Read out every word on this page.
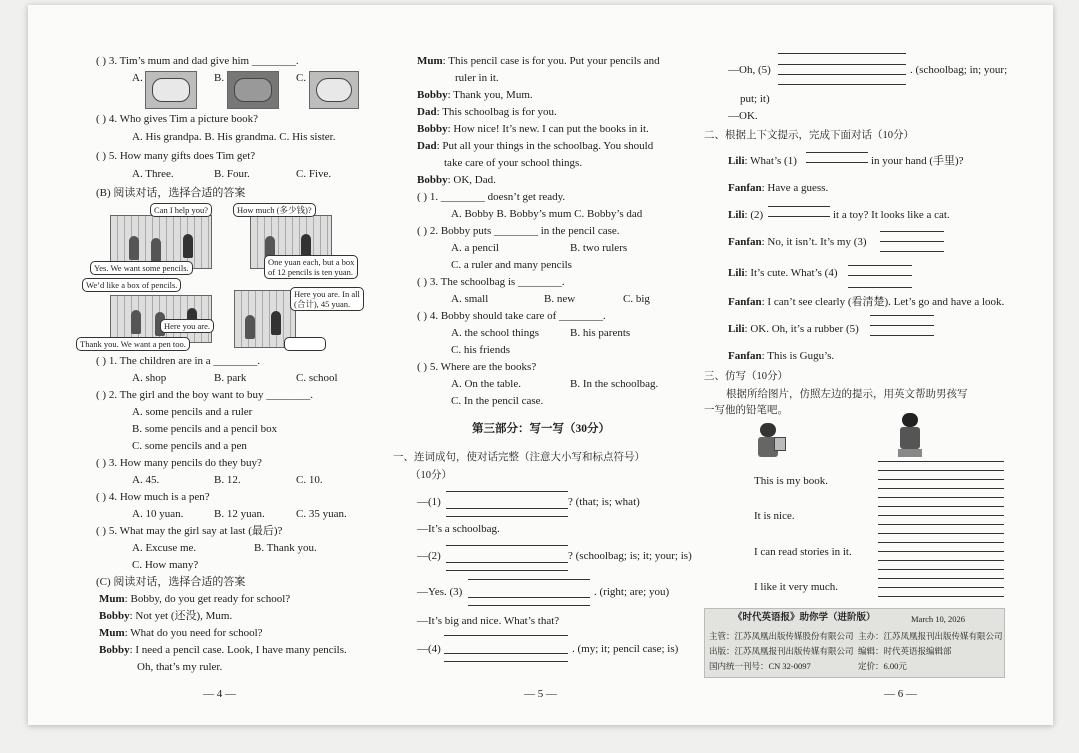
( ) 3. Tim’s mum and dad give him ________.
A.	B.	C.
( ) 4. Who gives Tim a picture book?
A. His grandpa. B. His grandma. C. His sister.
( ) 5. How many gifts does Tim get?
A. Three.	B. Four.	C. Five.
(B) 阅读对话，选择合适的答案
Can I help you?	How much (多少钱)?
Yes. We want some pencils.
One yuan each, but a box
of 12 pencils is ten yuan.
We’d like a box of pencils.
Here you are. In all
(合计), 45 yuan.
Here you are.
Thank you. We want a pen too.
( ) 1. The children are in a ________.
A. shop	B. park	C. school
( ) 2. The girl and the boy want to buy ________.
A. some pencils and a ruler
B. some pencils and a pencil box
C. some pencils and a pen
( ) 3. How many pencils do they buy?
A. 45.	B. 12.	C. 10.
( ) 4. How much is a pen?
A. 10 yuan.	B. 12 yuan.	C. 35 yuan.
( ) 5. What may the girl say at last (最后)?
A. Excuse me.	B. Thank you.
C. How many?
(C) 阅读对话，选择合适的答案
Mum: Bobby, do you get ready for school?
Bobby: Not yet (还没), Mum.
Mum: What do you need for school?
Bobby: I need a pencil case. Look, I have many pencils.
Oh, that’s my ruler.
— 4 —
Mum: This pencil case is for you. Put your pencils and
ruler in it.
Bobby: Thank you, Mum.
Dad: This schoolbag is for you.
Bobby: How nice! It’s new. I can put the books in it.
Dad: Put all your things in the schoolbag. You should
take care of your school things.
Bobby: OK, Dad.
( ) 1. ________ doesn’t get ready.
A. Bobby B. Bobby’s mum C. Bobby’s dad
( ) 2. Bobby puts ________ in the pencil case.
A. a pencil	B. two rulers
C. a ruler and many pencils
( ) 3. The schoolbag is ________.
A. small	B. new	C. big
( ) 4. Bobby should take care of ________.
A. the school things	B. his parents
C. his friends
( ) 5. Where are the books?
A. On the table.	B. In the schoolbag.
C. In the pencil case.
第三部分：写一写（30分）
一、连词成句，使对话完整（注意大小写和标点符号）
（10分）
—(1)	? (that; is; what)
—It’s a schoolbag.
—(2)	? (schoolbag; is; it; your; is)
—Yes. (3)	. (right; are; you)
—It’s big and nice. What’s that?
—(4)	. (my; it; pencil case; is)
— 5 —
—Oh, (5)	. (schoolbag; in; your;
put; it)
—OK.
二、根据上下文提示，完成下面对话（10分）
Lili: What’s (1)	in your hand (手里)?
Fanfan: Have a guess.
Lili: (2)	it a toy? It looks like a cat.
Fanfan: No, it isn’t. It’s my (3)
Lili: It’s cute. What’s (4)
Fanfan: I can’t see clearly (看清楚). Let’s go and have a look.
Lili: OK. Oh, it’s a rubber (5)
Fanfan: This is Gugu’s.
三、仿写（10分）
根据所给图片，仿照左边的提示，用英文帮助男孩写
一写他的铅笔吧。
This is my book.
It is nice.
I can read stories in it.
I like it very much.
— 6 —
《时代英语报》助你学（进阶版）	March 10, 2026
主管：江苏凤凰出版传媒股份有限公司 主办：江苏凤凰报刊出版传媒有限公司
出版：江苏凤凰报刊出版传媒有限公司 编辑：时代英语报编辑部
国内统一刊号：CN 32-0097	定价：6.00元
